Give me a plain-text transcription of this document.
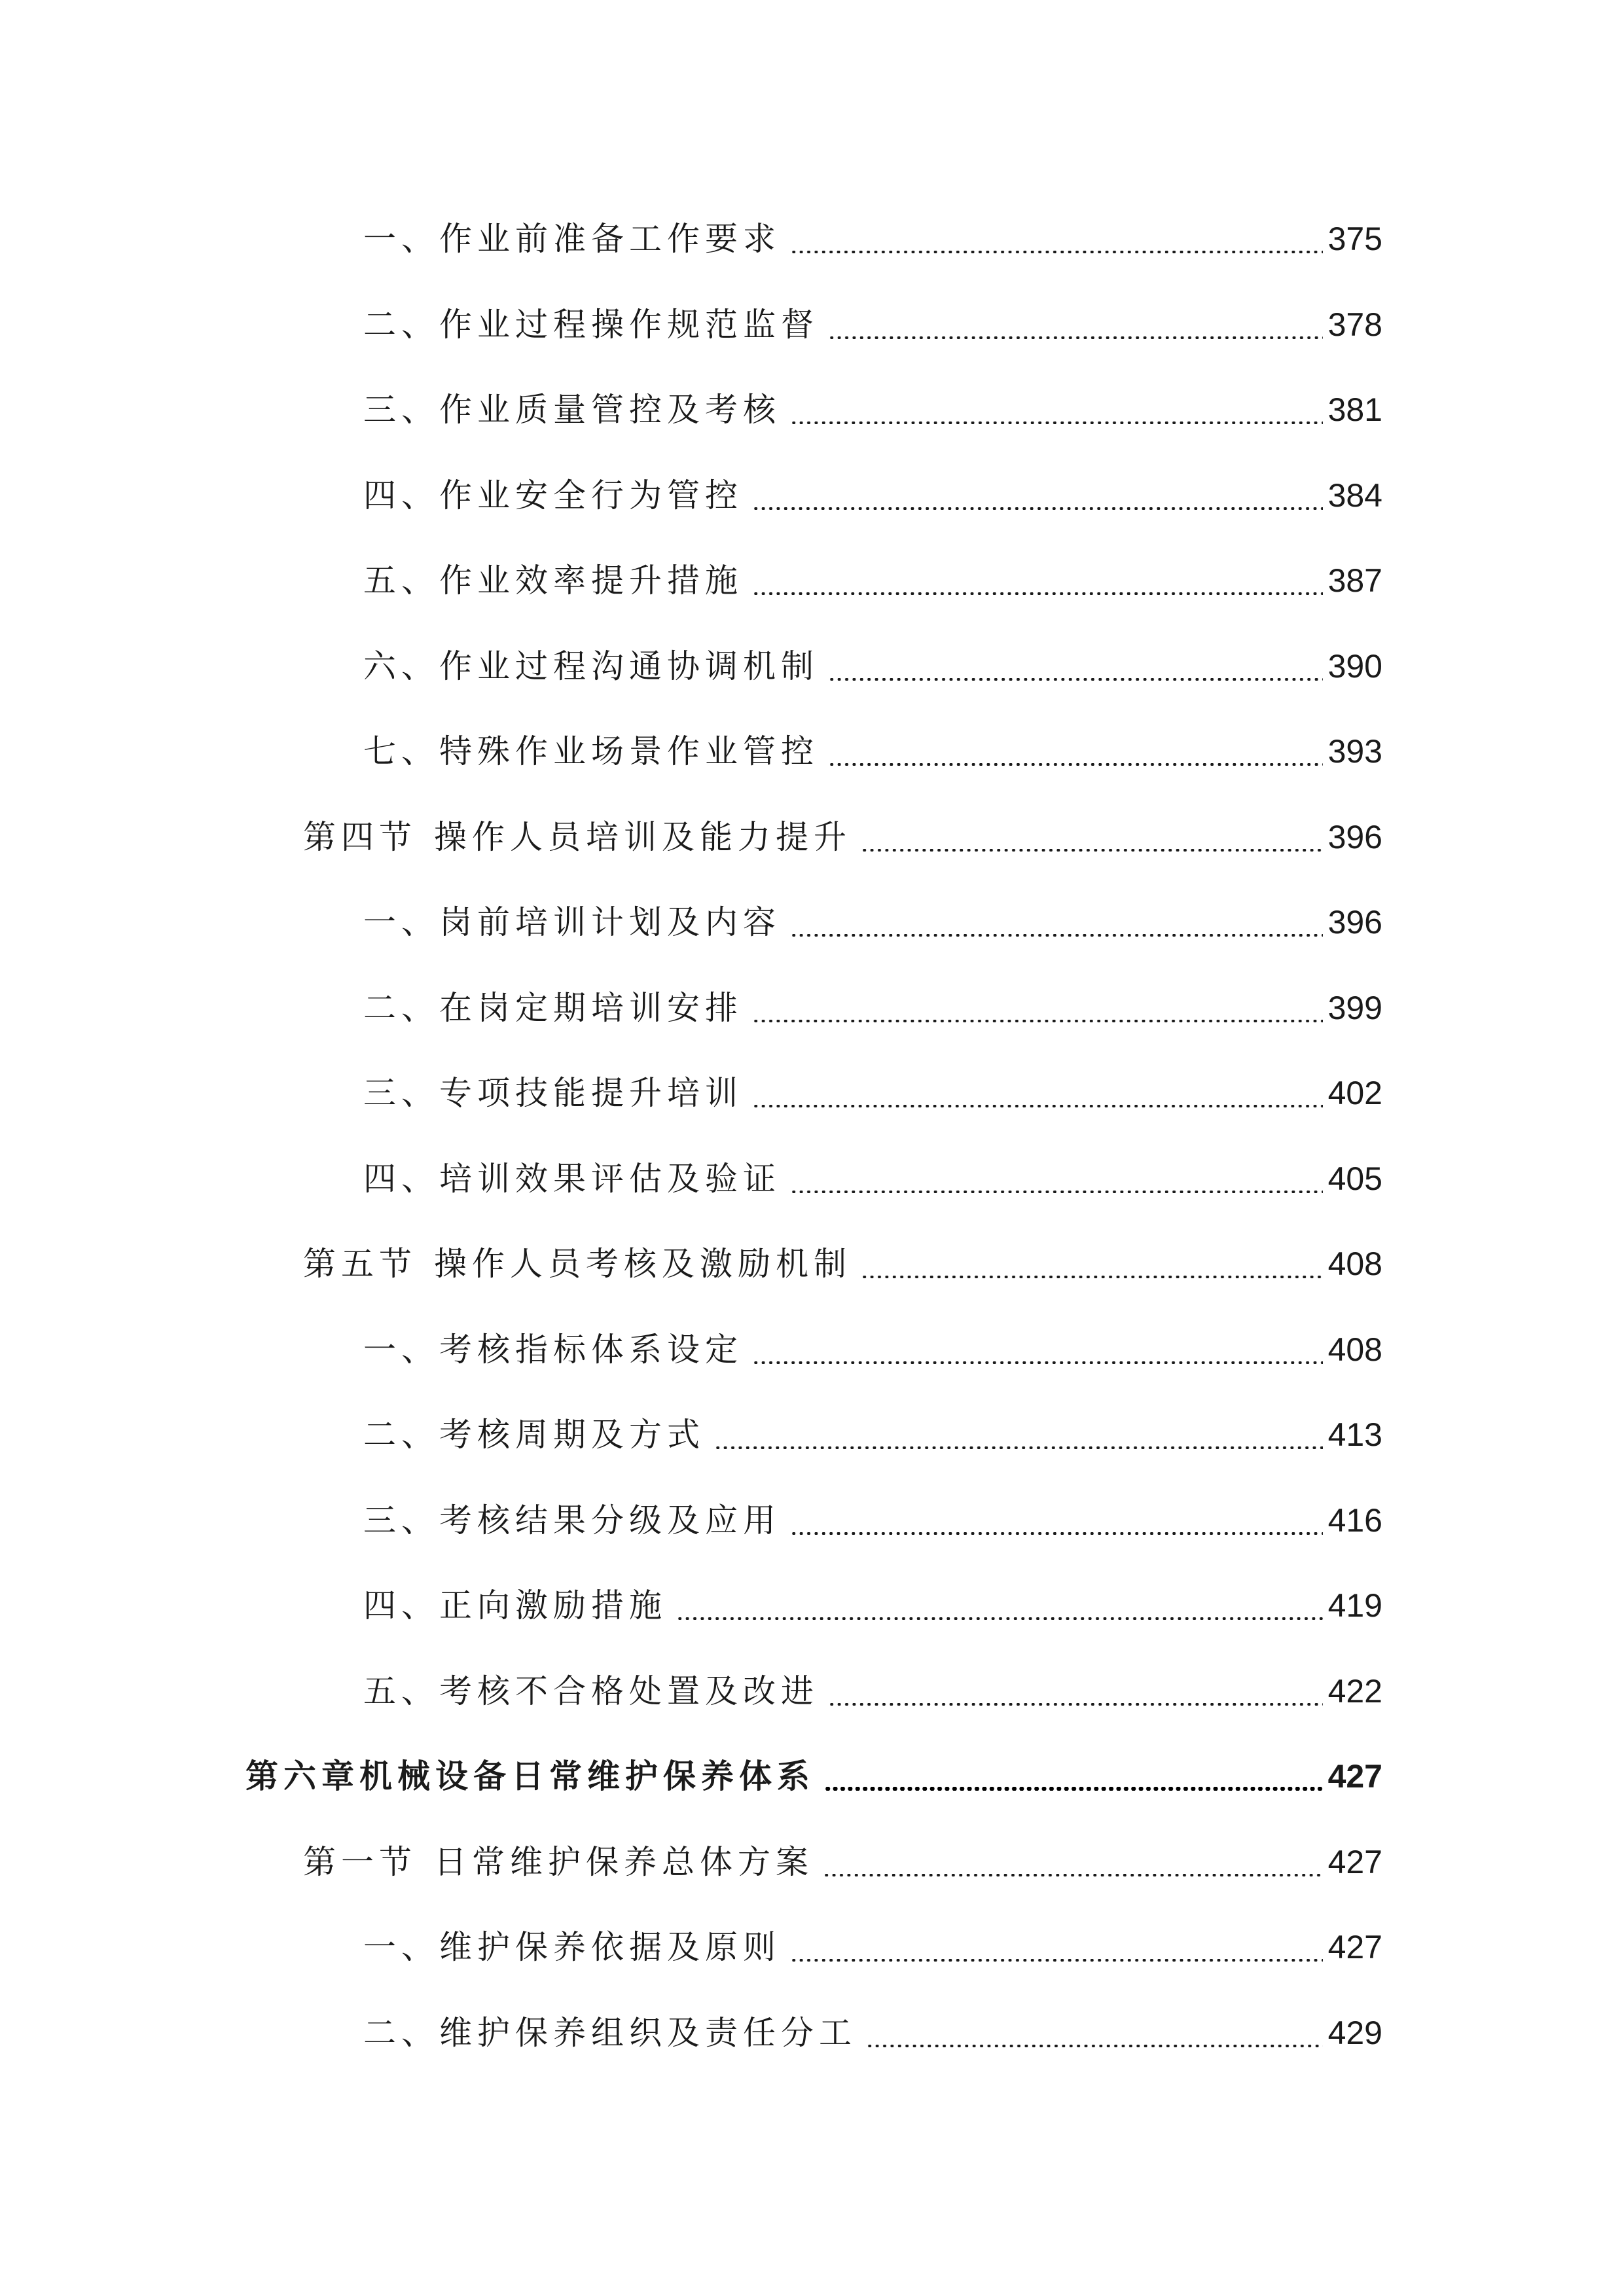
一、作业前准备工作要求	375
二、作业过程操作规范监督	378
三、作业质量管控及考核	381
四、作业安全行为管控	384
五、作业效率提升措施	387
六、作业过程沟通协调机制	390
七、特殊作业场景作业管控	393
第四节 操作人员培训及能力提升	396
一、岗前培训计划及内容	396
二、在岗定期培训安排	399
三、专项技能提升培训	402
四、培训效果评估及验证	405
第五节 操作人员考核及激励机制	408
一、考核指标体系设定	408
二、考核周期及方式	413
三、考核结果分级及应用	416
四、正向激励措施	419
五、考核不合格处置及改进	422
第六章机械设备日常维护保养体系	427
第一节 日常维护保养总体方案	427
一、维护保养依据及原则	427
二、维护保养组织及责任分工	429
